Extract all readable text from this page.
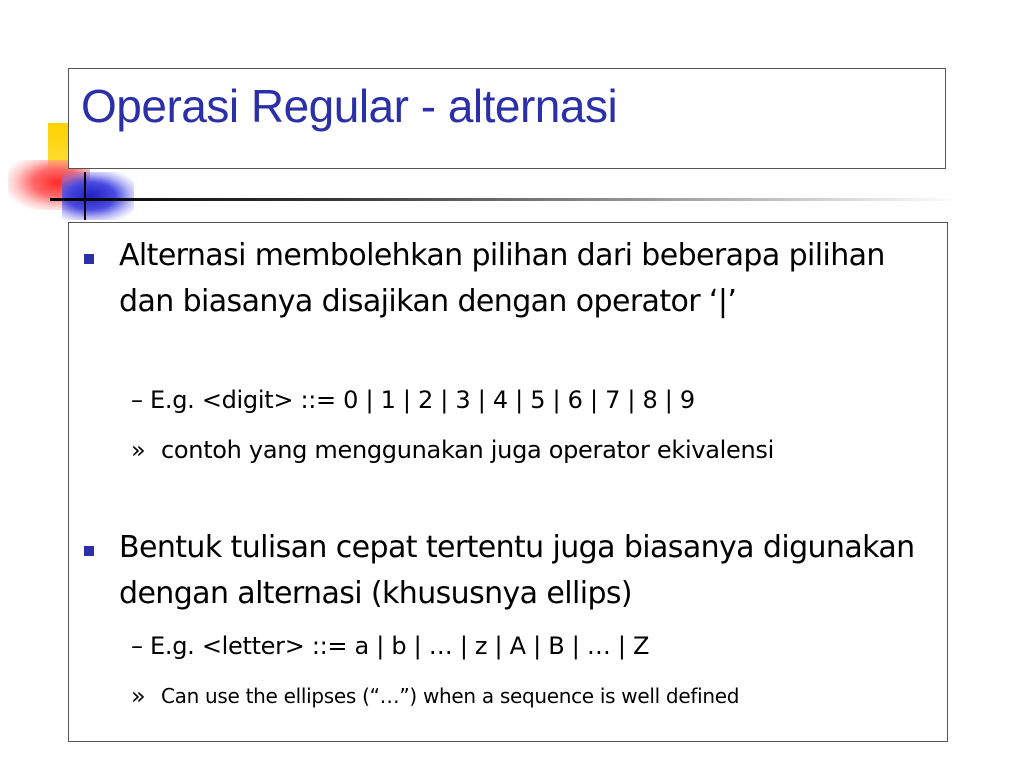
Operasi Regular - alternasi
Alternasi membolehkan pilihan dari beberapa pilihan dan biasanya disajikan dengan operator ‘|’
– E.g. <digit> ::= 0 | 1 | 2 | 3 | 4 | 5 | 6 | 7 | 8 | 9
» contoh yang menggunakan juga operator ekivalensi
Bentuk tulisan cepat tertentu juga biasanya digunakan dengan alternasi (khususnya ellips)
– E.g. <letter> ::= a | b | … | z | A | B | … | Z
» Can use the ellipses (“…”) when a sequence is well defined
